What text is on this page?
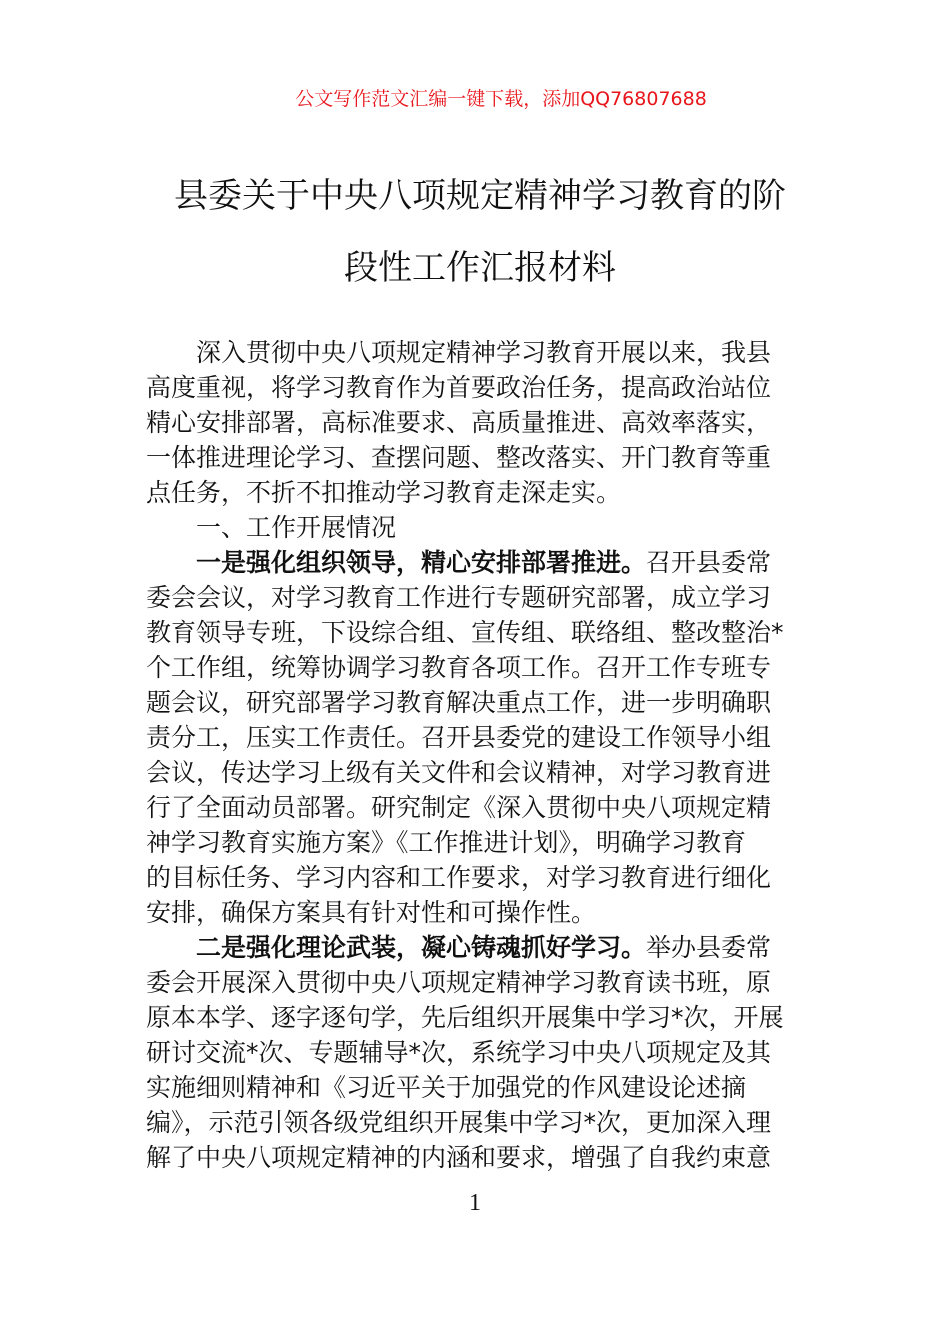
公文写作范文汇编一键下载，添加QQ76807688
县委关于中央八项规定精神学习教育的阶
段性工作汇报材料
深入贯彻中央八项规定精神学习教育开展以来，我县
高度重视，将学习教育作为首要政治任务，提高政治站位
精心安排部署，高标准要求、高质量推进、高效率落实，
一体推进理论学习、查摆问题、整改落实、开门教育等重
点任务，不折不扣推动学习教育走深走实。
一、工作开展情况
一是强化组织领导，精心安排部署推进。召开县委常
委会会议，对学习教育工作进行专题研究部署，成立学习
教育领导专班，下设综合组、宣传组、联络组、整改整治*
个工作组，统筹协调学习教育各项工作。召开工作专班专
题会议，研究部署学习教育解决重点工作，进一步明确职
责分工，压实工作责任。召开县委党的建设工作领导小组
会议，传达学习上级有关文件和会议精神，对学习教育进
行了全面动员部署。研究制定《深入贯彻中央八项规定精
神学习教育实施方案》《工作推进计划》，明确学习教育
的目标任务、学习内容和工作要求，对学习教育进行细化
安排，确保方案具有针对性和可操作性。
二是强化理论武装，凝心铸魂抓好学习。举办县委常
委会开展深入贯彻中央八项规定精神学习教育读书班，原
原本本学、逐字逐句学，先后组织开展集中学习*次，开展
研讨交流*次、专题辅导*次，系统学习中央八项规定及其
实施细则精神和《习近平关于加强党的作风建设论述摘
编》，示范引领各级党组织开展集中学习*次，更加深入理
解了中央八项规定精神的内涵和要求，增强了自我约束意
1
